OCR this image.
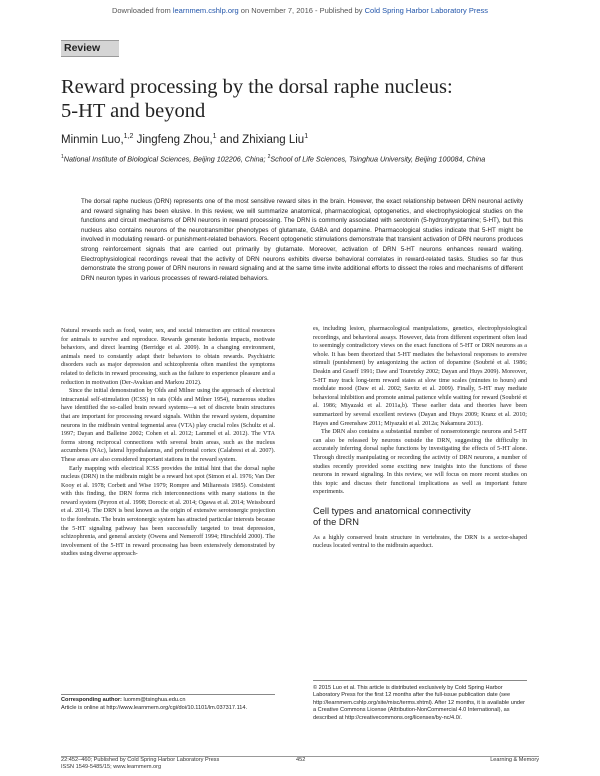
Downloaded from learnmem.cshlp.org on November 7, 2016 - Published by Cold Spring Harbor Laboratory Press
Review
Reward processing by the dorsal raphe nucleus:
5-HT and beyond
Minmin Luo,$^{1,2}$ Jingfeng Zhou,$^1$ and Zhixiang Liu$^1$
$^1$National Institute of Biological Sciences, Beijing 102206, China; $^2$School of Life Sciences, Tsinghua University, Beijing 100084, China

The dorsal raphe nucleus (DRN) represents one of the most sensitive reward sites in the brain. However, the exact relationship between DRN neuronal activity and reward signaling has been elusive. In this review, we will summarize anatomical, pharmacological, optogenetics, and electrophysiological studies on the functions and circuit mechanisms of DRN neurons in reward processing. The DRN is commonly associated with serotonin (5-hydroxytryptamine; 5-HT), but this nucleus also contains neurons of the neurotransmitter phenotypes of glutamate, GABA and dopamine. Pharmacological studies indicate that 5-HT might be involved in modulating reward- or punishment-related behaviors. Recent optogenetic stimulations demonstrate that transient activation of DRN neurons produces strong reinforcement signals that are carried out primarily by glutamate. Moreover, activation of DRN 5-HT neurons enhances reward waiting. Electrophysiological recordings reveal that the activity of DRN neurons exhibits diverse behavioral correlates in reward-related tasks. Studies so far thus demonstrate the strong power of DRN neurons in reward signaling and at the same time invite additional efforts to dissect the roles and mechanisms of different DRN neuron types in various processes of reward-related behaviors.

Natural rewards such as food, water, sex, and social interaction are critical resources for animals to survive and reproduce. Rewards generate hedonia impacts, motivate behaviors, and direct learning (Berridge et al. 2009). In a changing environment, animals need to constantly adapt their behaviors to obtain rewards. Psychiatric disorders such as major depression and schizophrenia often manifest the symptoms related to deficits in reward processing, such as the failure to experience pleasure and a reduction in motivation (Der-Avakian and Markou 2012).

Since the initial demonstration by Olds and Milner using the approach of electrical intracranial self-stimulation (ICSS) in rats (Olds and Milner 1954), numerous studies have identified the so-called brain reward systems—a set of discrete brain structures that are important for processing reward signals. Within the reward system, dopamine neurons in the midbrain ventral tegmental area (VTA) play crucial roles (Schultz et al. 1997; Dayan and Balleine 2002; Cohen et al. 2012; Lammel et al. 2012). The VTA forms strong reciprocal connections with several brain areas, such as the nucleus accumbens (NAc), lateral hypothalamus, and prefrontal cortex (Calabresi et al. 2007). These areas are also considered important stations in the reward system.

Early mapping with electrical ICSS provides the initial hint that the dorsal raphe nucleus (DRN) in the midbrain might be a reward hot spot (Simon et al. 1976; Van Der Kooy et al. 1978; Corbett and Wise 1979; Rompre and Miliaressis 1985). Consistent with this finding, the DRN forms rich interconnections with many stations in the reward system (Peyron et al. 1998; Dorocic et al. 2014; Ogawa et al. 2014; Weissbourd et al. 2014). The DRN is best known as the origin of extensive serotonergic projection to the forebrain. The brain serotonergic system has attracted particular interests because the 5-HT signaling pathway has been successfully targeted to treat depression, schizophrenia, and general anxiety (Owens and Nemeroff 1994; Hirschfeld 2000). The involvement of the 5-HT in reward processing has been extensively demonstrated by studies using diverse approach-

Corresponding author: luomm@tsinghua.edu.cn
Article is online at http://www.learnmem.org/cgi/doi/10.1101/lm.037317.114.

es, including lesion, pharmacological manipulations, genetics, electrophysiological recordings, and behavioral assays. However, data from different experiment often lead to seemingly contradictory views on the exact functions of 5-HT or DRN neurons as a whole. It has been theorized that 5-HT mediates the behavioral responses to aversive stimuli (punishment) by antagonizing the action of dopamine (Soubrié et al. 1986; Deakin and Graeff 1991; Daw and Touretzky 2002; Dayan and Huys 2009). Moreover, 5-HT may track long-term reward states at slow time scales (minutes to hours) and modulate mood (Daw et al. 2002; Savitz et al. 2009). Finally, 5-HT may mediate behavioral inhibition and promote animal patience while waiting for reward (Soubrié et al. 1986; Miyazaki et al. 2011a,b). These earlier data and theories have been summarized by several excellent reviews (Dayan and Huys 2009; Kranz et al. 2010; Hayes and Greenshaw 2011; Miyazaki et al. 2012a; Nakamura 2013).

The DRN also contains a substantial number of nonserotonergic neurons and 5-HT can also be released by neurons outside the DRN, suggesting the difficulty in accurately inferring dorsal raphe functions by investigating the effects of 5-HT alone. Through directly manipulating or recording the activity of DRN neurons, a number of studies recently provided some exciting new insights into the functions of these neurons in reward signaling. In this review, we will focus on more recent studies on this topic and discuss their functional implications as well as important future experiments.

Cell types and anatomical connectivity
of the DRN

As a highly conserved brain structure in vertebrates, the DRN is a sector-shaped nucleus located ventral to the midbrain aqueduct.

© 2015 Luo et al. This article is distributed exclusively by Cold Spring Harbor Laboratory Press for the first 12 months after the full-issue publication date (see http://learnmem.cshlp.org/site/misc/terms.xhtml). After 12 months, it is available under a Creative Commons License (Attribution-NonCommercial 4.0 International), as described at http://creativecommons.org/licenses/by-nc/4.0/.
22:452–460; Published by Cold Spring Harbor Laboratory Press
ISSN 1549-5485/15; www.learnmem.org
452	Learning & Memory
